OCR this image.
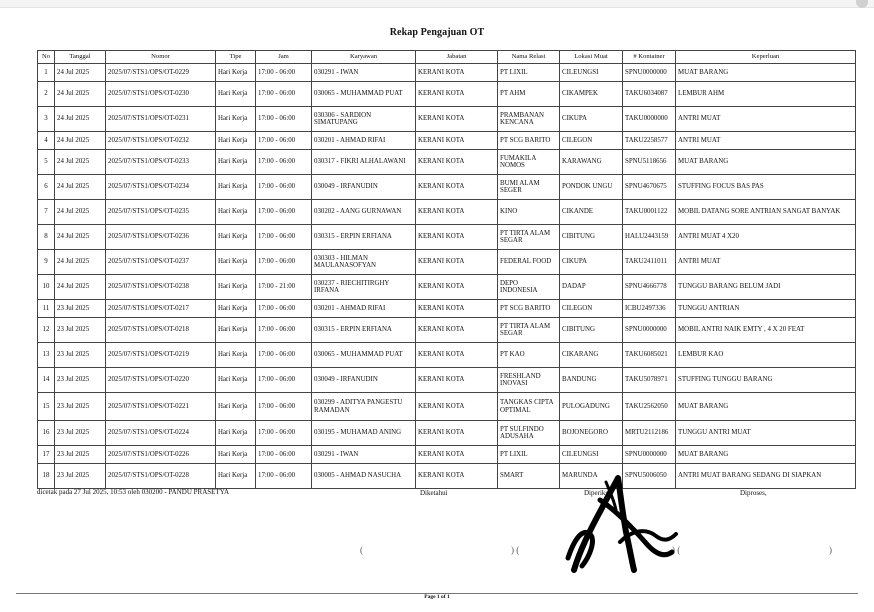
Rekap Pengajuan OT
No	Tanggal	Nomor	Tipe	Jam	Karyawan	Jabatan	Nama Relasi	Lokasi Muat	# Kontainer	Keperluan
1	24 Jul 2025	2025/07/STS1/OPS/OT-0229	Hari Kerja	17:00 - 06:00	030291 - IWAN	KERANI KOTA	PT LIXIL	CILEUNGSI	SPNU0000000	MUAT BARANG
2	24 Jul 2025	2025/07/STS1/OPS/OT-0230	Hari Kerja	17:00 - 06:00	030065 - MUHAMMAD PUAT	KERANI KOTA	PT AHM	CIKAMPEK	TAKU6034087	LEMBUR AHM
3	24 Jul 2025	2025/07/STS1/OPS/OT-0231	Hari Kerja	17:00 - 06:00	030306 - SARDION SIMATUPANG	KERANI KOTA	PRAMBANAN KENCANA	CIKUPA	TAKU0000000	ANTRI MUAT
4	24 Jul 2025	2025/07/STS1/OPS/OT-0232	Hari Kerja	17:00 - 06:00	030201 - AHMAD RIFAI	KERANI KOTA	PT SCG BARITO	CILEGON	TAKU2258577	ANTRI MUAT
5	24 Jul 2025	2025/07/STS1/OPS/OT-0233	Hari Kerja	17:00 - 06:00	030317 - FIKRI ALHALAWANI	KERANI KOTA	FUMAKILA NOMOS	KARAWANG	SPNU5118656	MUAT BARANG
6	24 Jul 2025	2025/07/STS1/OPS/OT-0234	Hari Kerja	17:00 - 06:00	030049 - IRFANUDIN	KERANI KOTA	BUMI ALAM SEGER	PONDOK UNGU	SPNU4670675	STUFFING FOCUS BAS PAS
7	24 Jul 2025	2025/07/STS1/OPS/OT-0235	Hari Kerja	17:00 - 06:00	030202 - AANG GURNAWAN	KERANI KOTA	KINO	CIKANDE	TAKU0001122	MOBIL DATANG SORE ANTRIAN SANGAT BANYAK
8	24 Jul 2025	2025/07/STS1/OPS/OT-0236	Hari Kerja	17:00 - 06:00	030315 - ERPIN ERFIANA	KERANI KOTA	PT TIRTA ALAM SEGAR	CIBITUNG	HALU2443159	ANTRI MUAT 4 X20
9	24 Jul 2025	2025/07/STS1/OPS/OT-0237	Hari Kerja	17:00 - 06:00	030303 - HILMAN MAULANASOFYAN	KERANI KOTA	FEDERAL FOOD	CIKUPA	TAKU2411011	ANTRI MUAT
10	24 Jul 2025	2025/07/STS1/OPS/OT-0238	Hari Kerja	17:00 - 21:00	030237 - RIECHITIRGHY IRFANA	KERANI KOTA	DEPO INDONESIA	DADAP	SPNU4666778	TUNGGU BARANG BELUM JADI
11	23 Jul 2025	2025/07/STS1/OPS/OT-0217	Hari Kerja	17:00 - 06:00	030201 - AHMAD RIFAI	KERANI KOTA	PT SCG BARITO	CILEGON	ICBU2497336	TUNGGU ANTRIAN
12	23 Jul 2025	2025/07/STS1/OPS/OT-0218	Hari Kerja	17:00 - 06:00	030315 - ERPIN ERFIANA	KERANI KOTA	PT TIRTA ALAM SEGAR	CIBITUNG	SPNU0000000	MOBIL ANTRI NAIK EMTY , 4 X 20 FEAT
13	23 Jul 2025	2025/07/STS1/OPS/OT-0219	Hari Kerja	17:00 - 06:00	030065 - MUHAMMAD PUAT	KERANI KOTA	PT KAO	CIKARANG	TAKU6085021	LEMBUR KAO
14	23 Jul 2025	2025/07/STS1/OPS/OT-0220	Hari Kerja	17:00 - 06:00	030049 - IRFANUDIN	KERANI KOTA	FRESHLAND INOVASI	BANDUNG	TAKU5078971	STUFFING TUNGGU BARANG
15	23 Jul 2025	2025/07/STS1/OPS/OT-0221	Hari Kerja	17:00 - 06:00	030299 - ADITYA PANGESTU RAMADAN	KERANI KOTA	TANGKAS CIPTA OPTIMAL	PULOGADUNG	TAKU2562050	MUAT BARANG
16	23 Jul 2025	2025/07/STS1/OPS/OT-0224	Hari Kerja	17:00 - 06:00	030195 - MUHAMAD ANING	KERANI KOTA	PT SULFINDO ADUSAHA	BOJONEGORO	MRTU2112186	TUNGGU ANTRI MUAT
17	23 Jul 2025	2025/07/STS1/OPS/OT-0226	Hari Kerja	17:00 - 06:00	030291 - IWAN	KERANI KOTA	PT LIXIL	CILEUNGSI	SPNU0000000	MUAT BARANG
18	23 Jul 2025	2025/07/STS1/OPS/OT-0228	Hari Kerja	17:00 - 06:00	030005 - AHMAD NASUCHA	KERANI KOTA	SMART	MARUNDA	SPNU5006050	ANTRI MUAT BARANG SEDANG DI SIAPKAN
dicetak pada 27 Jul 2025, 10:53 oleh 030200 - PANDU PRASETYA	Diketahui	Diperiksa,	Diproses,
(	) (	) (	)
Page 1 of 1
